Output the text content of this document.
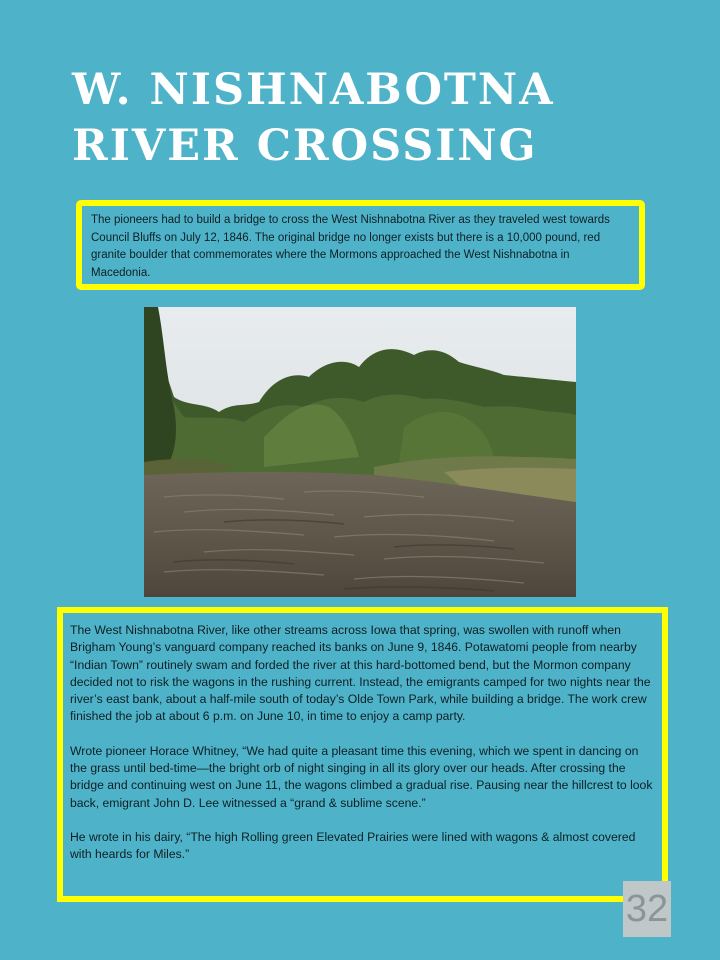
W. NISHNABOTNA
RIVER CROSSING
The pioneers had to build a bridge to cross the West Nishnabotna River as they traveled west towards Council Bluffs on July 12, 1846. The original bridge no longer exists but there is a 10,000 pound, red granite boulder that commemorates where the Mormons approached the West Nishnabotna in Macedonia.

The West Nishnabotna River, like other streams across Iowa that spring, was swollen with runoff when Brigham Young’s vanguard company reached its banks on June 9, 1846. Potawatomi people from nearby “Indian Town” routinely swam and forded the river at this hard-bottomed bend, but the Mormon company decided not to risk the wagons in the rushing current. Instead, the emigrants camped for two nights near the river’s east bank, about a half-mile south of today’s Olde Town Park, while building a bridge. The work crew finished the job at about 6 p.m. on June 10, in time to enjoy a camp party.

Wrote pioneer Horace Whitney, “We had quite a pleasant time this evening, which we spent in dancing on the grass until bed-time—the bright orb of night singing in all its glory over our heads. After crossing the bridge and continuing west on June 11, the wagons climbed a gradual rise. Pausing near the hillcrest to look back, emigrant John D. Lee witnessed a “grand & sublime scene.”

He wrote in his dairy, “The high Rolling green Elevated Prairies were lined with wagons & almost covered with heards for Miles.”

32
